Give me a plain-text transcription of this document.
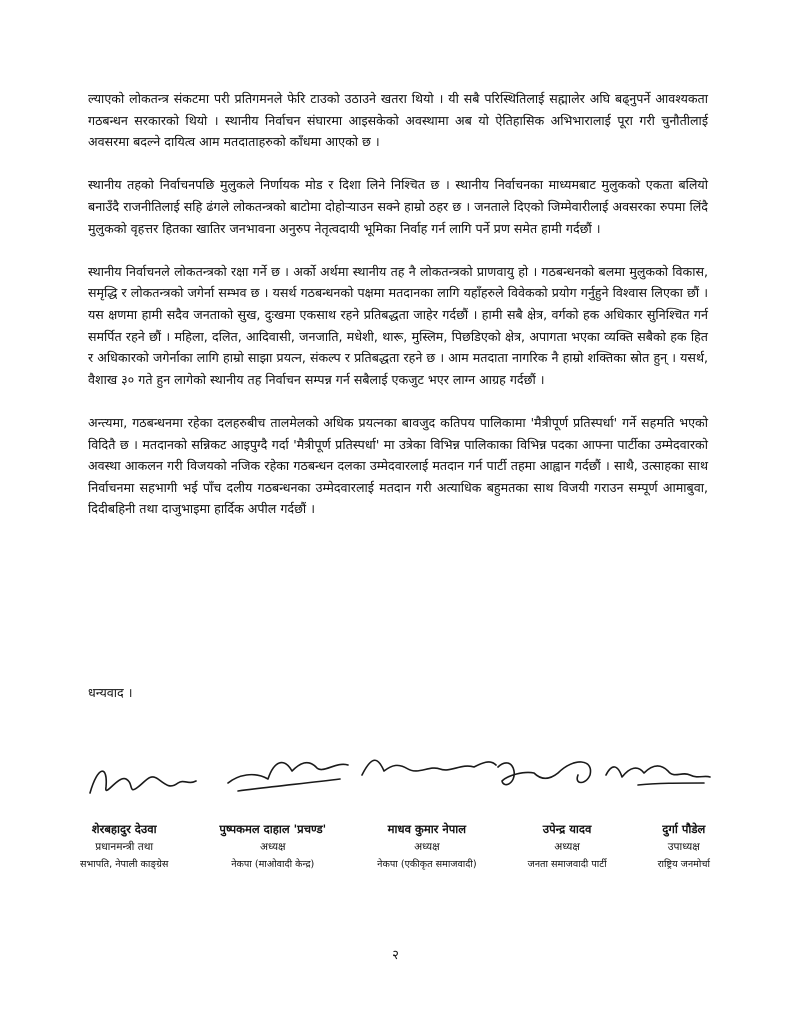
ल्याएको लोकतन्त्र संकटमा परी प्रतिगमनले फेरि टाउको उठाउने खतरा थियो । यी सबै परिस्थितिलाई सह्मालेर अघि बढ्नुपर्ने आवश्यकता गठबन्धन सरकारको थियो । स्थानीय निर्वाचन संघारमा आइसकेको अवस्थामा अब यो ऐतिहासिक अभिभारालाई पूरा गरी चुनौतीलाई अवसरमा बदल्ने दायित्व आम मतदाताहरुको काँधमा आएको छ ।

स्थानीय तहको निर्वाचनपछि मुलुकले निर्णायक मोड र दिशा लिने निश्चित छ । स्थानीय निर्वाचनका माध्यमबाट मुलुकको एकता बलियो बनाउँदै राजनीतिलाई सहि ढंगले लोकतन्त्रको बाटोमा दोहोऱ्याउन सक्ने हाम्रो ठहर छ । जनताले दिएको जिम्मेवारीलाई अवसरका रुपमा लिंदै मुलुकको वृहत्तर हितका खातिर जनभावना अनुरुप नेतृत्वदायी भूमिका निर्वाह गर्न लागि पर्ने प्रण समेत हामी गर्दछौं ।

स्थानीय निर्वाचनले लोकतन्त्रको रक्षा गर्ने छ । अर्को अर्थमा स्थानीय तह नै लोकतन्त्रको प्राणवायु हो । गठबन्धनको बलमा मुलुकको विकास, समृद्धि र लोकतन्त्रको जगेर्ना सम्भव छ । यसर्थ गठबन्धनको पक्षमा मतदानका लागि यहाँहरुले विवेकको प्रयोग गर्नुहुने विश्वास लिएका छौं । यस क्षणमा हामी सदैव जनताको सुख, दुःखमा एकसाथ रहने प्रतिबद्धता जाहेर गर्दछौं । हामी सबै क्षेत्र, वर्गको हक अधिकार सुनिश्चित गर्न समर्पित रहने छौं । महिला, दलित, आदिवासी, जनजाति, मधेशी, थारू, मुस्लिम, पिछडिएको क्षेत्र, अपागता भएका व्यक्ति सबैको हक हित र अधिकारको जगेर्नाका लागि हाम्रो साझा प्रयत्न, संकल्प र प्रतिबद्धता रहने छ । आम मतदाता नागरिक नै हाम्रो शक्तिका स्रोत हुन् । यसर्थ, वैशाख ३० गते हुन लागेको स्थानीय तह निर्वाचन सम्पन्न गर्न सबैलाई एकजुट भएर लाग्न आग्रह गर्दछौं ।

अन्त्यमा, गठबन्धनमा रहेका दलहरुबीच तालमेलको अधिक प्रयत्नका बावजुद कतिपय पालिकामा 'मैत्रीपूर्ण प्रतिस्पर्धा' गर्ने सहमति भएको विदितै छ । मतदानको सन्निकट आइपुग्दै गर्दा 'मैत्रीपूर्ण प्रतिस्पर्धा' मा उत्रेका विभिन्न पालिकाका विभिन्न पदका आफ्ना पार्टीका उम्मेदवारको अवस्था आकलन गरी विजयको नजिक रहेका गठबन्धन दलका उम्मेदवारलाई मतदान गर्न पार्टी तहमा आह्वान गर्दछौं । साथै, उत्साहका साथ निर्वाचनमा सहभागी भई पाँच दलीय गठबन्धनका उम्मेदवारलाई मतदान गरी अत्याधिक बहुमतका साथ विजयी गराउन सम्पूर्ण आमाबुवा, दिदीबहिनी तथा दाजुभाइमा हार्दिक अपील गर्दछौं ।

धन्यवाद ।
शेरबहादुर देउवा
प्रधानमन्त्री तथा
सभापति, नेपाली काङ्ग्रेस
पुष्पकमल दाहाल 'प्रचण्ड'
अध्यक्ष
नेकपा (माओवादी केन्द्र)
माधव कुमार नेपाल
अध्यक्ष
नेकपा (एकीकृत समाजवादी)
उपेन्द्र यादव
अध्यक्ष
जनता समाजवादी पार्टी
दुर्गा पौडेल
उपाध्यक्ष
राष्ट्रिय जनमोर्चा
२
